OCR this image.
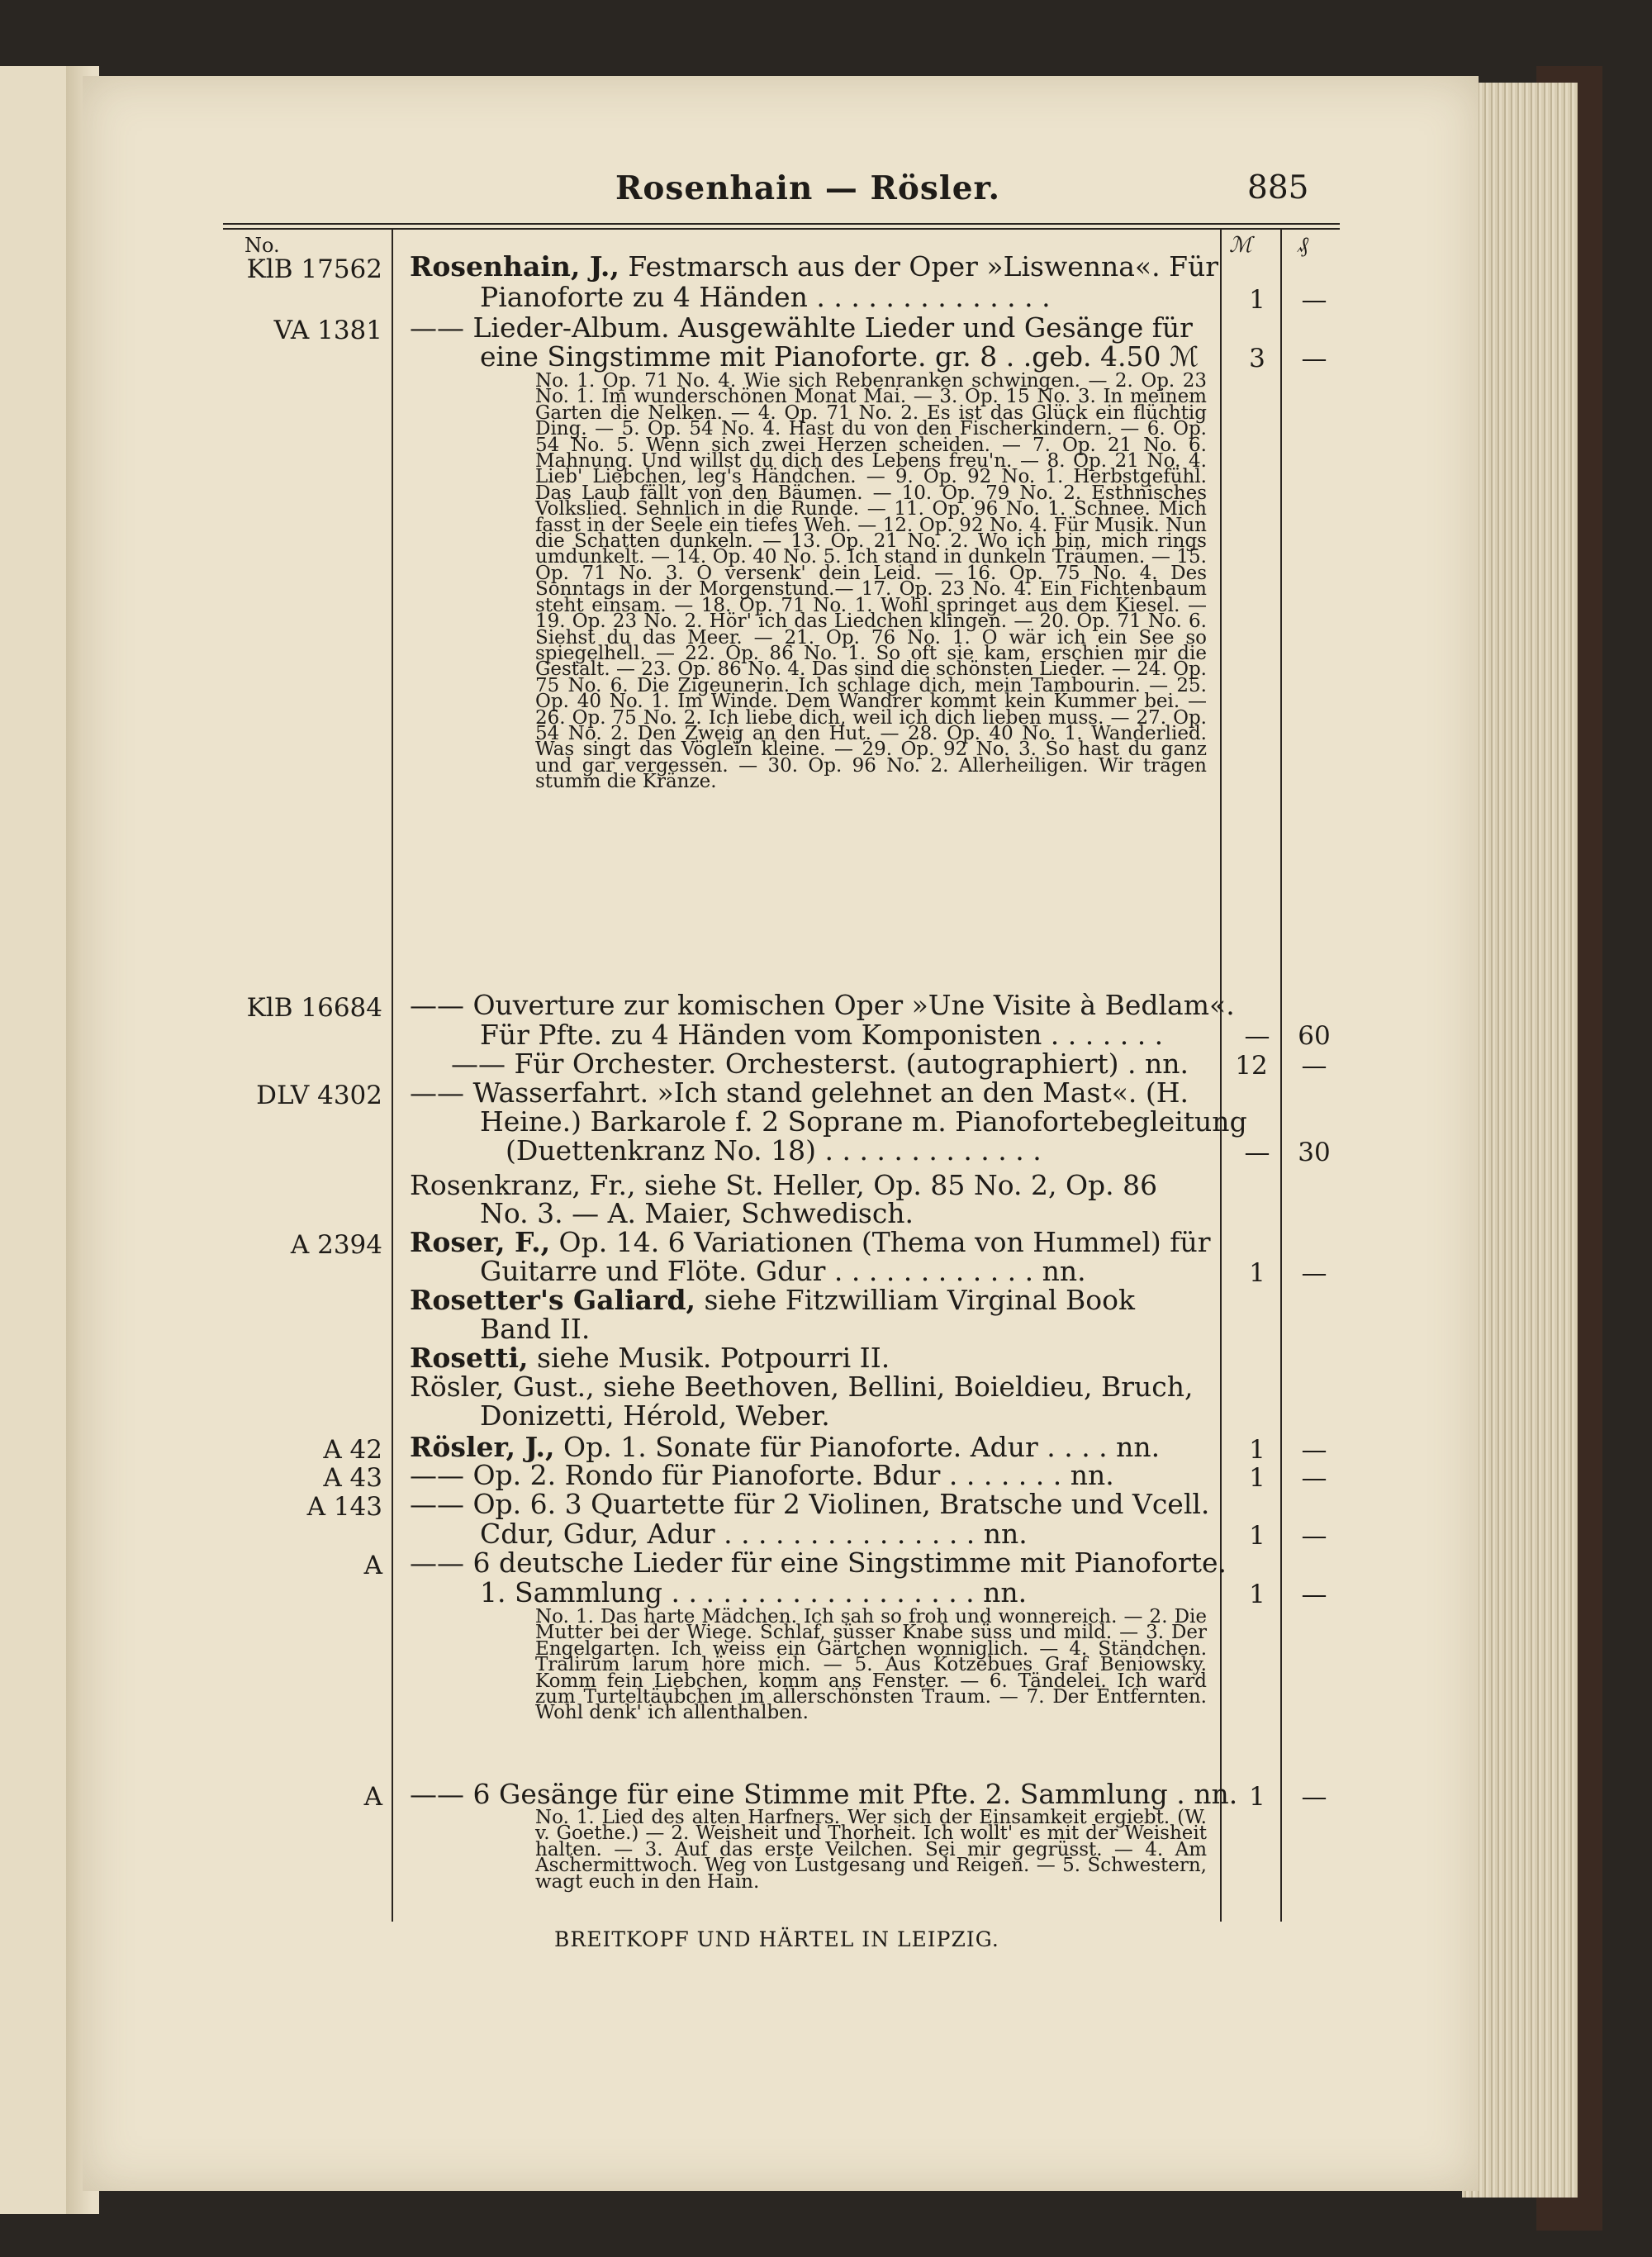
Rosenhain — Rösler.	885
No.	ℳ ₰
KlB 17562 Rosenhain, J., Festmarsch aus der Oper »Liswenna«. Für
Pianoforte zu 4 Händen . . . . . . . . . . . . . .	1	—
VA 1381 —— Lieder-Album. Ausgewählte Lieder und Gesänge für
eine Singstimme mit Pianoforte. gr. 8 . .geb. 4.50 ℳ	3	—
No. 1. Op. 71 No. 4. Wie sich Rebenranken schwingen. — 2. Op. 23 No. 1. Im wunderschönen Monat Mai. — 3. Op. 15 No. 3. In meinem Garten die Nelken. — 4. Op. 71 No. 2. Es ist das Glück ein flüchtig Ding. — 5. Op. 54 No. 4. Hast du von den Fischerkindern. — 6. Op. 54 No. 5. Wenn sich zwei Herzen scheiden. — 7. Op. 21 No. 6. Mahnung. Und willst du dich des Lebens freu'n. — 8. Op. 21 No. 4. Lieb' Liebchen, leg's Händchen. — 9. Op. 92 No. 1. Herbstgefühl. Das Laub fällt von den Bäumen. — 10. Op. 79 No. 2. Esthnisches Volkslied. Sehnlich in die Runde. — 11. Op. 96 No. 1. Schnee. Mich fasst in der Seele ein tiefes Weh. — 12. Op. 92 No. 4. Für Musik. Nun die Schatten dunkeln. — 13. Op. 21 No. 2. Wo ich bin, mich rings umdunkelt. — 14. Op. 40 No. 5. Ich stand in dunkeln Träumen. — 15. Op. 71 No. 3. O versenk' dein Leid. — 16. Op. 75 No. 4. Des Sonntags in der Morgenstund.— 17. Op. 23 No. 4. Ein Fichtenbaum steht einsam. — 18. Op. 71 No. 1. Wohl springet aus dem Kiesel. — 19. Op. 23 No. 2. Hör' ich das Liedchen klingen. — 20. Op. 71 No. 6. Siehst du das Meer. — 21. Op. 76 No. 1. O wär ich ein See so spiegelhell. — 22. Op. 86 No. 1. So oft sie kam, erschien mir die Gestalt. — 23. Op. 86 No. 4. Das sind die schönsten Lieder. — 24. Op. 75 No. 6. Die Zigeunerin. Ich schlage dich, mein Tambourin. — 25. Op. 40 No. 1. Im Winde. Dem Wandrer kommt kein Kummer bei. — 26. Op. 75 No. 2. Ich liebe dich, weil ich dich lieben muss. — 27. Op. 54 No. 2. Den Zweig an den Hut. — 28. Op. 40 No. 1. Wanderlied. Was singt das Vöglein kleine. — 29. Op. 92 No. 3. So hast du ganz und gar vergessen. — 30. Op. 96 No. 2. Allerheiligen. Wir tragen stumm die Kränze.
KlB 16684 —— Ouverture zur komischen Oper »Une Visite à Bedlam«.
Für Pfte. zu 4 Händen vom Komponisten . . . . . . .	—	60
—— Für Orchester. Orchesterst. (autographiert) . nn.	12	—
DLV 4302 —— Wasserfahrt. »Ich stand gelehnet an den Mast«. (H.
Heine.) Barkarole f. 2 Soprane m. Pianofortebegleitung
(Duettenkranz No. 18) . . . . . . . . . . . . .	—	30
Rosenkranz, Fr., siehe St. Heller, Op. 85 No. 2, Op. 86
No. 3. — A. Maier, Schwedisch.
A 2394 Roser, F., Op. 14. 6 Variationen (Thema von Hummel) für
Guitarre und Flöte. Gdur . . . . . . . . . . . . nn.	1	—
Rosetter's Galiard, siehe Fitzwilliam Virginal Book
Band II.
Rosetti, siehe Musik. Potpourri II.
Rösler, Gust., siehe Beethoven, Bellini, Boieldieu, Bruch,
Donizetti, Hérold, Weber.
A 42 Rösler, J., Op. 1. Sonate für Pianoforte. Adur . . . . nn.	1	—
A 43 —— Op. 2. Rondo für Pianoforte. Bdur . . . . . . . nn.	1	—
A 143 —— Op. 6. 3 Quartette für 2 Violinen, Bratsche und Vcell.
Cdur, Gdur, Adur . . . . . . . . . . . . . . . nn.	1	—
A —— 6 deutsche Lieder für eine Singstimme mit Pianoforte.
1. Sammlung . . . . . . . . . . . . . . . . . . nn.	1	—
No. 1. Das harte Mädchen. Ich sah so froh und wonnereich. — 2. Die Mutter bei der Wiege. Schlaf, süsser Knabe süss und mild. — 3. Der Engelgarten. Ich weiss ein Gärtchen wonniglich. — 4. Ständchen. Tralirum larum höre mich. — 5. Aus Kotzebues Graf Beniowsky. Komm fein Liebchen, komm ans Fenster. — 6. Tändelei. Ich ward zum Turteltäubchen im allerschönsten Traum. — 7. Der Entfernten. Wohl denk' ich allenthalben.
A —— 6 Gesänge für eine Stimme mit Pfte. 2. Sammlung . nn. 1	—
No. 1. Lied des alten Harfners. Wer sich der Einsamkeit ergiebt. (W. v. Goethe.) — 2. Weisheit und Thorheit. Ich wollt' es mit der Weisheit halten. — 3. Auf das erste Veilchen. Sei mir gegrüsst. — 4. Am Aschermittwoch. Weg von Lustgesang und Reigen. — 5. Schwestern, wagt euch in den Hain.
BREITKOPF UND HÄRTEL IN LEIPZIG.
